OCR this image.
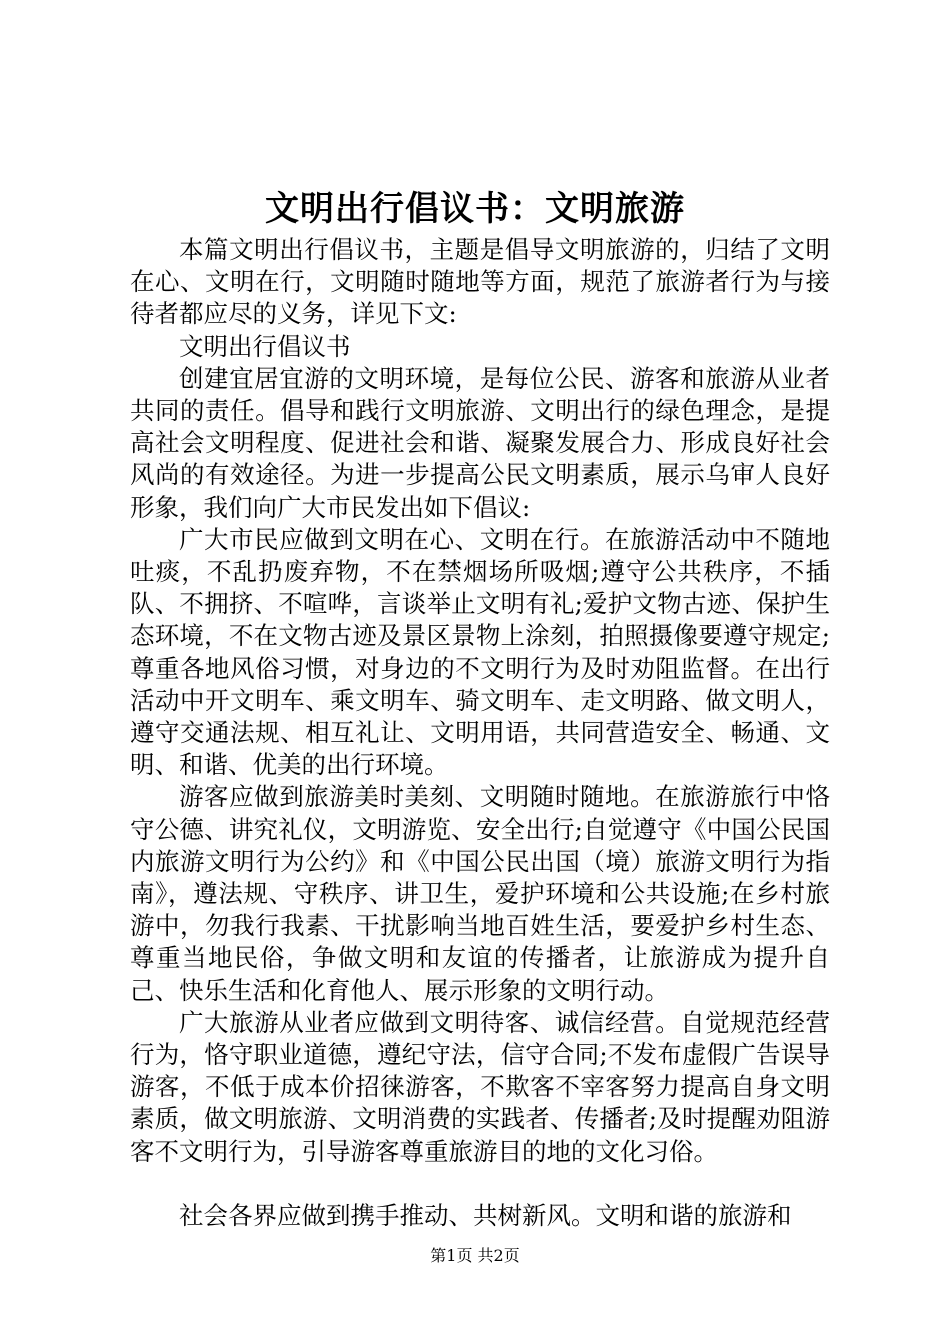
文明出行倡议书：文明旅游

本篇文明出行倡议书，主题是倡导文明旅游的，归结了文明在心、文明在行，文明随时随地等方面，规范了旅游者行为与接待者都应尽的义务，详见下文:

文明出行倡议书

创建宜居宜游的文明环境，是每位公民、游客和旅游从业者共同的责任。倡导和践行文明旅游、文明出行的绿色理念，是提高社会文明程度、促进社会和谐、凝聚发展合力、形成良好社会风尚的有效途径。为进一步提高公民文明素质，展示乌审人良好形象，我们向广大市民发出如下倡议:

广大市民应做到文明在心、文明在行。在旅游活动中不随地吐痰，不乱扔废弃物，不在禁烟场所吸烟;遵守公共秩序，不插队、不拥挤、不喧哗，言谈举止文明有礼;爱护文物古迹、保护生态环境，不在文物古迹及景区景物上涂刻，拍照摄像要遵守规定;尊重各地风俗习惯，对身边的不文明行为及时劝阻监督。在出行活动中开文明车、乘文明车、骑文明车、走文明路、做文明人，遵守交通法规、相互礼让、文明用语，共同营造安全、畅通、文明、和谐、优美的出行环境。

游客应做到旅游美时美刻、文明随时随地。在旅游旅行中恪守公德、讲究礼仪，文明游览、安全出行;自觉遵守《中国公民国内旅游文明行为公约》和《中国公民出国（境）旅游文明行为指南》，遵法规、守秩序、讲卫生，爱护环境和公共设施;在乡村旅游中，勿我行我素、干扰影响当地百姓生活，要爱护乡村生态、尊重当地民俗，争做文明和友谊的传播者，让旅游成为提升自己、快乐生活和化育他人、展示形象的文明行动。

广大旅游从业者应做到文明待客、诚信经营。自觉规范经营行为，恪守职业道德，遵纪守法，信守合同;不发布虚假广告误导游客，不低于成本价招徕游客，不欺客不宰客努力提高自身文明素质，做文明旅游、文明消费的实践者、传播者;及时提醒劝阻游客不文明行为，引导游客尊重旅游目的地的文化习俗。

社会各界应做到携手推动、共树新风。文明和谐的旅游和

第1页 共2页
